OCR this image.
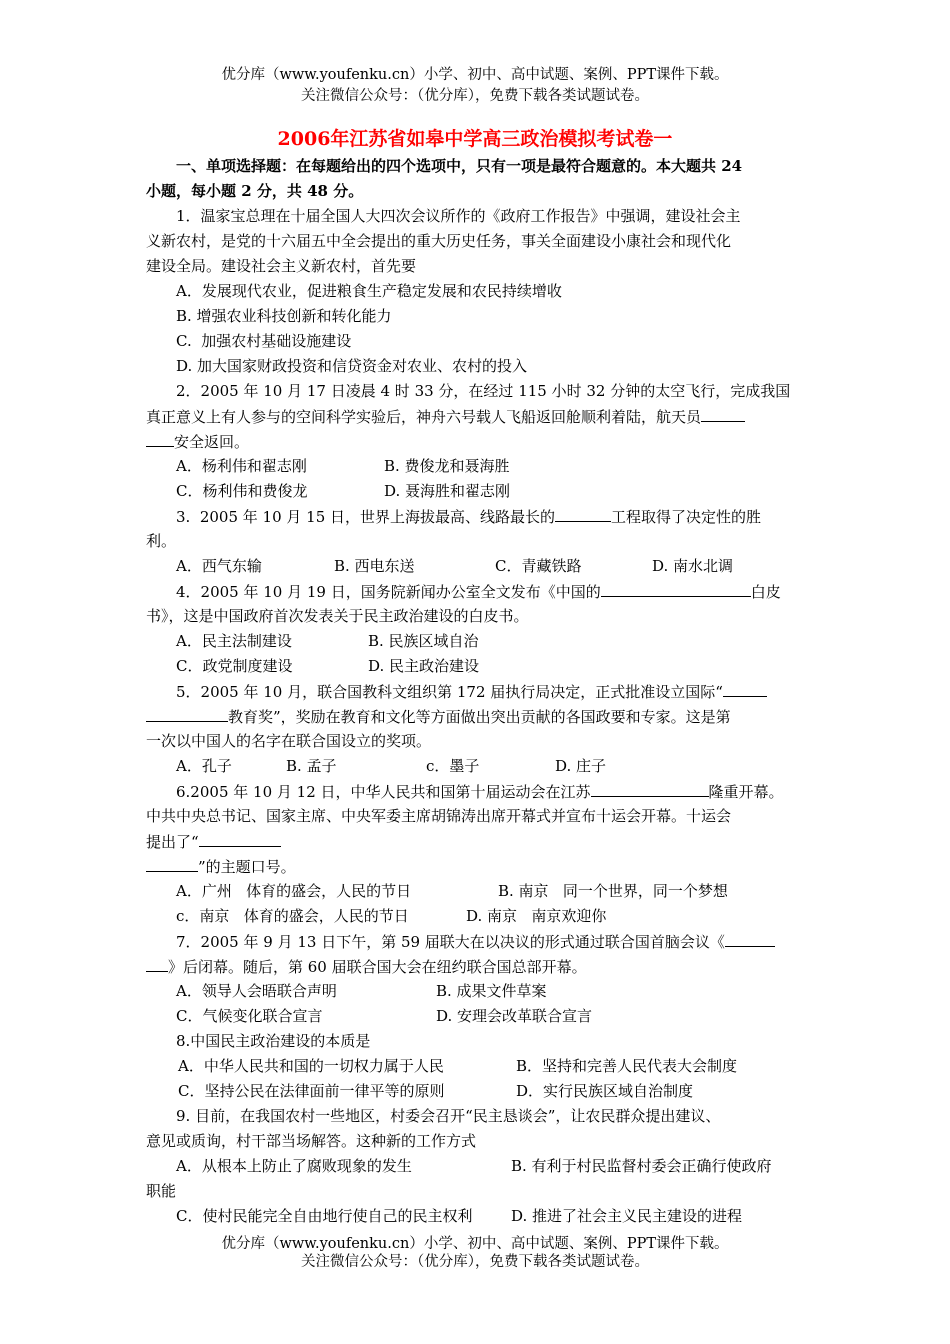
优分库（www.youfenku.cn）小学、初中、高中试题、案例、PPT课件下载。
关注微信公众号：（优分库），免费下载各类试题试卷。
2006年江苏省如皋中学高三政治模拟考试卷一
一、单项选择题：在每题给出的四个选项中，只有一项是最符合题意的。本大题共 24
小题，每小题 2 分，共 48 分。
1．温家宝总理在十届全国人大四次会议所作的《政府工作报告》中强调，建设社会主
义新农村，是党的十六届五中全会提出的重大历史任务，事关全面建设小康社会和现代化
建设全局。建设社会主义新农村，首先要
A．发展现代农业，促进粮食生产稳定发展和农民持续增收
B. 增强农业科技创新和转化能力
C.  加强农村基础设施建设
D. 加大国家财政投资和信贷资金对农业、农村的投入
2．2005 年 10 月 17 日凌晨 4 时 33 分，在经过 115 小时 32 分钟的太空飞行，完成我国
真正意义上有人参与的空间科学实验后，神舟六号载人飞船返回舱顺利着陆，航天员
安全返回。
A．杨利伟和翟志刚	B. 费俊龙和聂海胜
C．杨利伟和费俊龙	D. 聂海胜和翟志刚
3.  2005 年 10 月 15 日，世界上海拔最高、线路最长的	工程取得了决定性的胜
利。
A．西气东输	B. 西电东送	C．青藏铁路	D. 南水北调
4．2005 年 10 月 19 日，国务院新闻办公室全文发布《中国的	白皮
书》，这是中国政府首次发表关于民主政治建设的白皮书。
A．民主法制建设	B. 民族区域自治
C．政党制度建设	D. 民主政治建设
5．2005 年 10 月，联合国教科文组织第 172 届执行局决定，正式批准设立国际“
教育奖”，奖励在教育和文化等方面做出突出贡献的各国政要和专家。这是第
一次以中国人的名字在联合国设立的奖项。
A．孔子	B. 孟子	c．墨子	D. 庄子
6.2005 年 10 月 12 日，中华人民共和国第十届运动会在江苏	隆重开幕。
中共中央总书记、国家主席、中央军委主席胡锦涛出席开幕式并宣布十运会开幕。十运会
提出了“
”的主题口号。
A．广州   体育的盛会，人民的节日	B. 南京   同一个世界，同一个梦想
c．南京   体育的盛会，人民的节日	D. 南京   南京欢迎你
7．2005 年 9 月 13 日下午，第 59 届联大在以决议的形式通过联合国首脑会议《
》后闭幕。随后，第 60 届联合国大会在纽约联合国总部开幕。
A．领导人会晤联合声明	B. 成果文件草案
C．气候变化联合宣言	D. 安理会改革联合宣言
8.中国民主政治建设的本质是
A．中华人民共和国的一切权力属于人民	B．坚持和完善人民代表大会制度
C．坚持公民在法律面前一律平等的原则	D．实行民族区域自治制度
9. 目前，在我国农村一些地区，村委会召开“民主恳谈会”，让农民群众提出建议、
意见或质询，村干部当场解答。这种新的工作方式
A．从根本上防止了腐败现象的发生	B. 有利于村民监督村委会正确行使政府
职能
C．使村民能完全自由地行使自己的民主权利	D. 推进了社会主义民主建设的进程
优分库（www.youfenku.cn）小学、初中、高中试题、案例、PPT课件下载。
关注微信公众号：（优分库），免费下载各类试题试卷。
